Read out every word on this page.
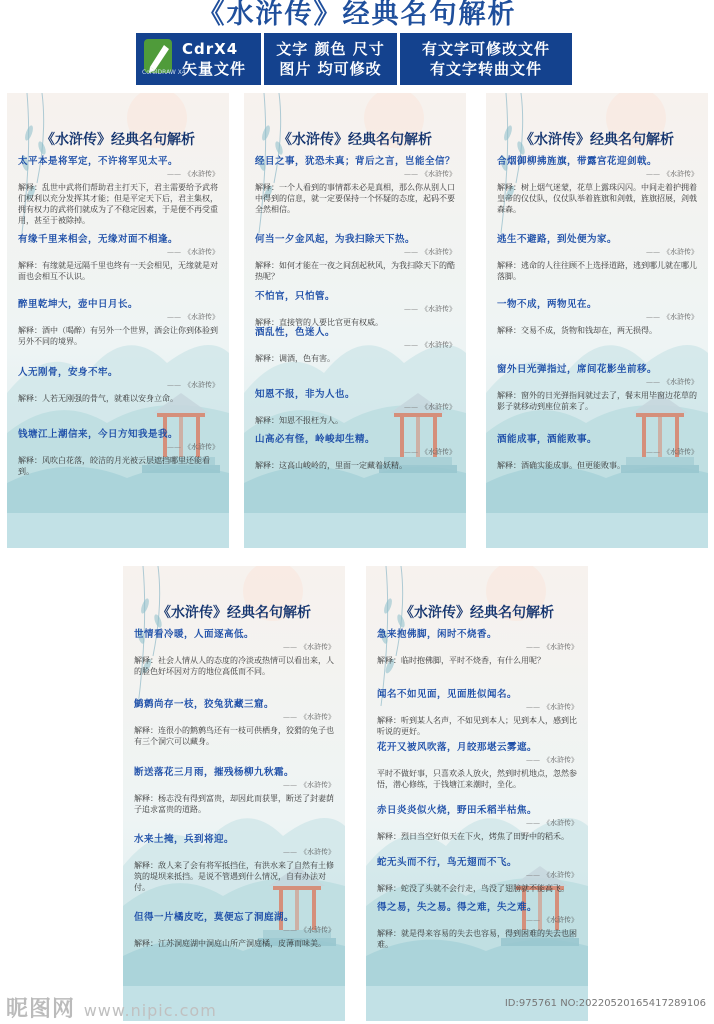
《水浒传》经典名句解析
CdrX4
矢量文件
CorelDRAW X4
文字 颜色 尺寸
图片 均可修改
有文字可修改文件
有文字转曲文件
《水浒传》经典名句解析
太平本是将军定，不许将军见太平。
—— 《水浒传》
解释：乱世中武将们帮助君主打天下，君主需要给予武将们权利以充分发挥其才能；但是平定天下后，君主集权，拥有权力的武将们就成为了不稳定因素，于是便不再受重用，甚至于被除掉。
有缘千里来相会，无缘对面不相逢。
—— 《水浒传》
解释：有缘就是远隔千里也终有一天会相见，无缘就是对面也会相互不认识。
醉里乾坤大，壶中日月长。
—— 《水浒传》
解释：酒中（喝醉）有另外一个世界，酒会让你到体验到另外不同的境界。
人无刚骨，安身不牢。
—— 《水浒传》
解释：人若无刚强的骨气，就难以安身立命。
钱塘江上潮信来，今日方知我是我。
—— 《水浒传》
解释：风吹白花落，皎洁的月光被云层遮挡哪里还能看到。
《水浒传》经典名句解析
经目之事，犹恐未真；背后之言，岂能全信？
—— 《水浒传》
解释：一个人看到的事情都未必是真相，那么你从别人口中得到的信息，就一定要保持一个怀疑的态度，起码不要全然相信。
何当一夕金风起，为我扫除天下热。
—— 《水浒传》
解释：如何才能在一夜之间刮起秋风，为我扫除天下的酷热呢？
不怕官，只怕管。
—— 《水浒传》
解释：直接管的人要比官更有权威。
酒乱性，色迷人。
—— 《水浒传》
解释：调酒，色有害。
知恩不报，非为人也。
—— 《水浒传》
解释：知恩不报枉为人。
山高必有怪，岭峻却生精。
—— 《水浒传》
解释：这高山峻岭的，里面一定藏着妖精。
《水浒传》经典名句解析
合烟御柳拂旌旗，带露宫花迎剑戟。
—— 《水浒传》
解释：树上烟气迷蒙，花草上露珠闪闪。中间走着护拥着皇帝的仪仗队，仪仗队举着旌旗和剑戟，旌旗招展，剑戟森森。
逃生不避路，到处便为家。
—— 《水浒传》
解释：逃命的人往往顾不上选择道路，逃到哪儿就在哪儿落脚。
一物不成，两物见在。
—— 《水浒传》
解释：交易不成，货物和钱却在，两无损得。
窗外日光弹指过，席间花影坐前移。
—— 《水浒传》
解释：窗外的日光弹指间就过去了，餐末用毕窗边花草的影子就移动到座位前来了。
酒能成事，酒能败事。
—— 《水浒传》
解释：酒确实能成事。但更能败事。
《水浒传》经典名句解析
世情看冷暖，人面逐高低。
—— 《水浒传》
解释：社会人情从人的态度的冷淡或热情可以看出来，人的脸色好坏因对方的地位高低而不同。
鹪鹩尚存一枝，狡兔犹藏三窟。
—— 《水浒传》
解释：连很小的鹪鹩鸟还有一枝可供栖身，狡猾的兔子也有三个洞穴可以藏身。
断送落花三月雨，摧残杨柳九秋霜。
—— 《水浒传》
解释：杨志没有得到富贵，却因此而获罪，断送了封妻荫子追求富贵的道路。
水来土掩，兵到将迎。
—— 《水浒传》
解释：敌人来了会有将军抵挡住，有洪水来了自然有土修筑的堤坝来抵挡。是说不管遇到什么情况，自有办法对付。
但得一片橘皮吃，莫便忘了洞庭湖。
—— 《水浒传》
解释：江苏洞庭湖中洞庭山所产洞庭橘，皮薄而味美。
《水浒传》经典名句解析
急来抱佛脚，闲时不烧香。
—— 《水浒传》
解释：临时抱佛脚，平时不烧香，有什么用呢？
闻名不如见面，见面胜似闻名。
—— 《水浒传》
解释：听到某人名声，不如见到本人；见到本人，感到比听说的更好。
花开又被风吹落，月皎那堪云雾遮。
—— 《水浒传》
平时不做好事，只喜欢杀人放火，然到时机地点，忽然参悟，潜心修练，于钱塘江来潮时，坐化。
赤日炎炎似火烧，野田禾稻半枯焦。
—— 《水浒传》
解释：烈日当空好似天在下火，烤焦了田野中的稻禾。
蛇无头而不行，鸟无翅而不飞。
—— 《水浒传》
解释：蛇没了头就不会行走，鸟没了翅膀就不能高飞。
得之易，失之易。得之难，失之难。
—— 《水浒传》
解释：就是得来容易的失去也容易，得到困难的失去也困难。
昵图网 www.nipic.com	ID:975761 NO:20220520165417289106
